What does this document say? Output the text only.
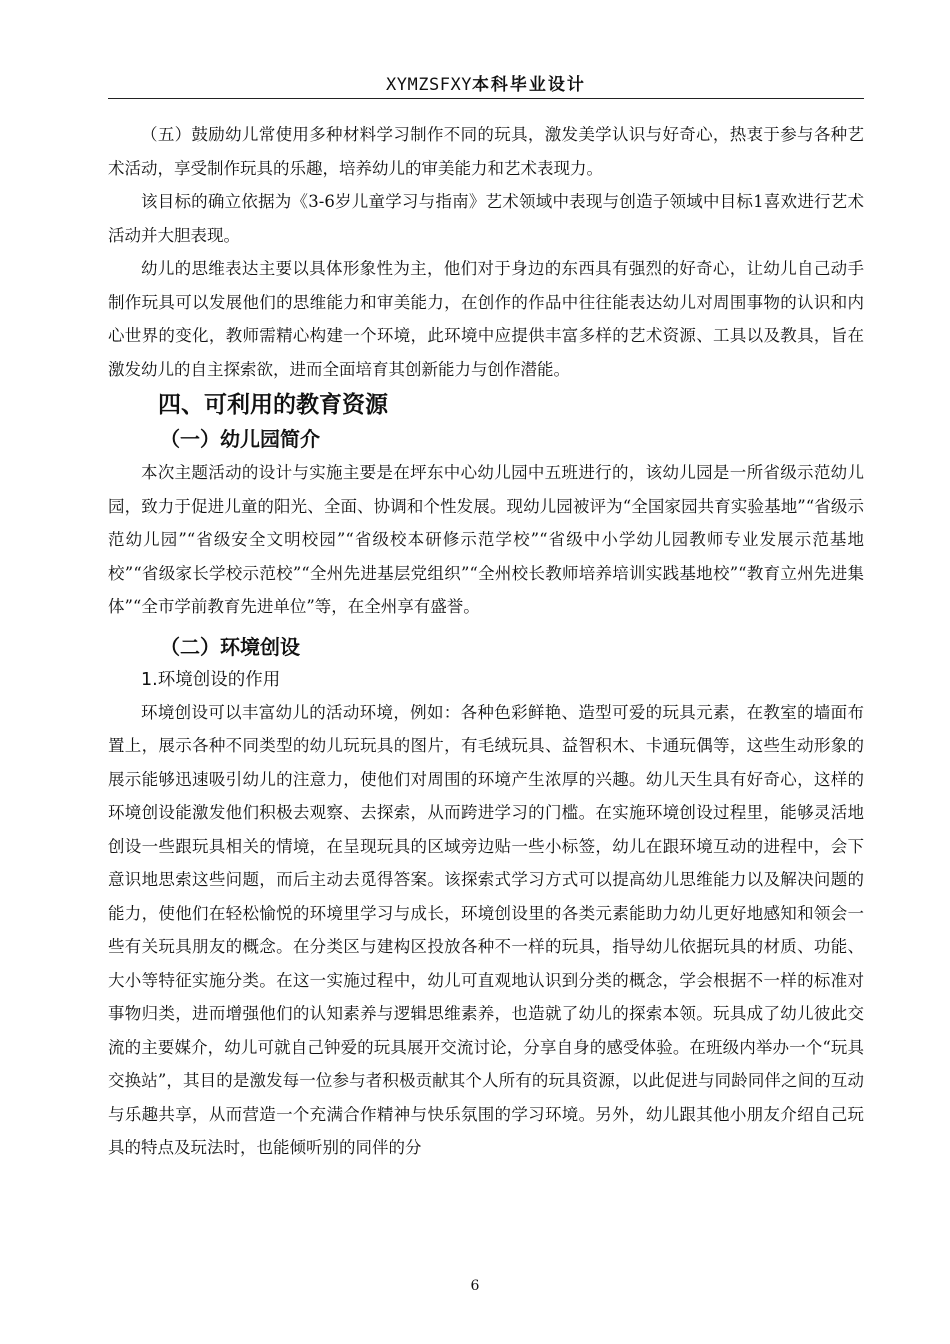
XYMZSFXY本科毕业设计

（五）鼓励幼儿常使用多种材料学习制作不同的玩具，激发美学认识与好奇心，热衷于参与各种艺术活动，享受制作玩具的乐趣，培养幼儿的审美能力和艺术表现力。

该目标的确立依据为《3-6岁儿童学习与指南》艺术领域中表现与创造子领域中目标1喜欢进行艺术活动并大胆表现。

幼儿的思维表达主要以具体形象性为主，他们对于身边的东西具有强烈的好奇心，让幼儿自己动手制作玩具可以发展他们的思维能力和审美能力，在创作的作品中往往能表达幼儿对周围事物的认识和内心世界的变化，教师需精心构建一个环境，此环境中应提供丰富多样的艺术资源、工具以及教具，旨在激发幼儿的自主探索欲，进而全面培育其创新能力与创作潜能。

四、可利用的教育资源
（一）幼儿园简介

本次主题活动的设计与实施主要是在坪东中心幼儿园中五班进行的，该幼儿园是一所省级示范幼儿园，致力于促进儿童的阳光、全面、协调和个性发展。现幼儿园被评为“全国家园共育实验基地”“省级示范幼儿园”“省级安全文明校园”“省级校本研修示范学校”“省级中小学幼儿园教师专业发展示范基地校”“省级家长学校示范校”“全州先进基层党组织”“全州校长教师培养培训实践基地校”“教育立州先进集体”“全市学前教育先进单位”等，在全州享有盛誉。

（二）环境创设
1.环境创设的作用

环境创设可以丰富幼儿的活动环境，例如：各种色彩鲜艳、造型可爱的玩具元素，在教室的墙面布置上，展示各种不同类型的幼儿玩玩具的图片，有毛绒玩具、益智积木、卡通玩偶等，这些生动形象的展示能够迅速吸引幼儿的注意力，使他们对周围的环境产生浓厚的兴趣。幼儿天生具有好奇心，这样的环境创设能激发他们积极去观察、去探索，从而跨进学习的门槛。在实施环境创设过程里，能够灵活地创设一些跟玩具相关的情境，在呈现玩具的区域旁边贴一些小标签，幼儿在跟环境互动的进程中，会下意识地思索这些问题，而后主动去觅得答案。该探索式学习方式可以提高幼儿思维能力以及解决问题的能力，使他们在轻松愉悦的环境里学习与成长，环境创设里的各类元素能助力幼儿更好地感知和领会一些有关玩具朋友的概念。在分类区与建构区投放各种不一样的玩具，指导幼儿依据玩具的材质、功能、大小等特征实施分类。在这一实施过程中，幼儿可直观地认识到分类的概念，学会根据不一样的标准对事物归类，进而增强他们的认知素养与逻辑思维素养，也造就了幼儿的探索本领。玩具成了幼儿彼此交流的主要媒介，幼儿可就自己钟爱的玩具展开交流讨论，分享自身的感受体验。在班级内举办一个“玩具交换站”，其目的是激发每一位参与者积极贡献其个人所有的玩具资源，以此促进与同龄同伴之间的互动与乐趣共享，从而营造一个充满合作精神与快乐氛围的学习环境。另外，幼儿跟其他小朋友介绍自己玩具的特点及玩法时，也能倾听别的同伴的分

6
